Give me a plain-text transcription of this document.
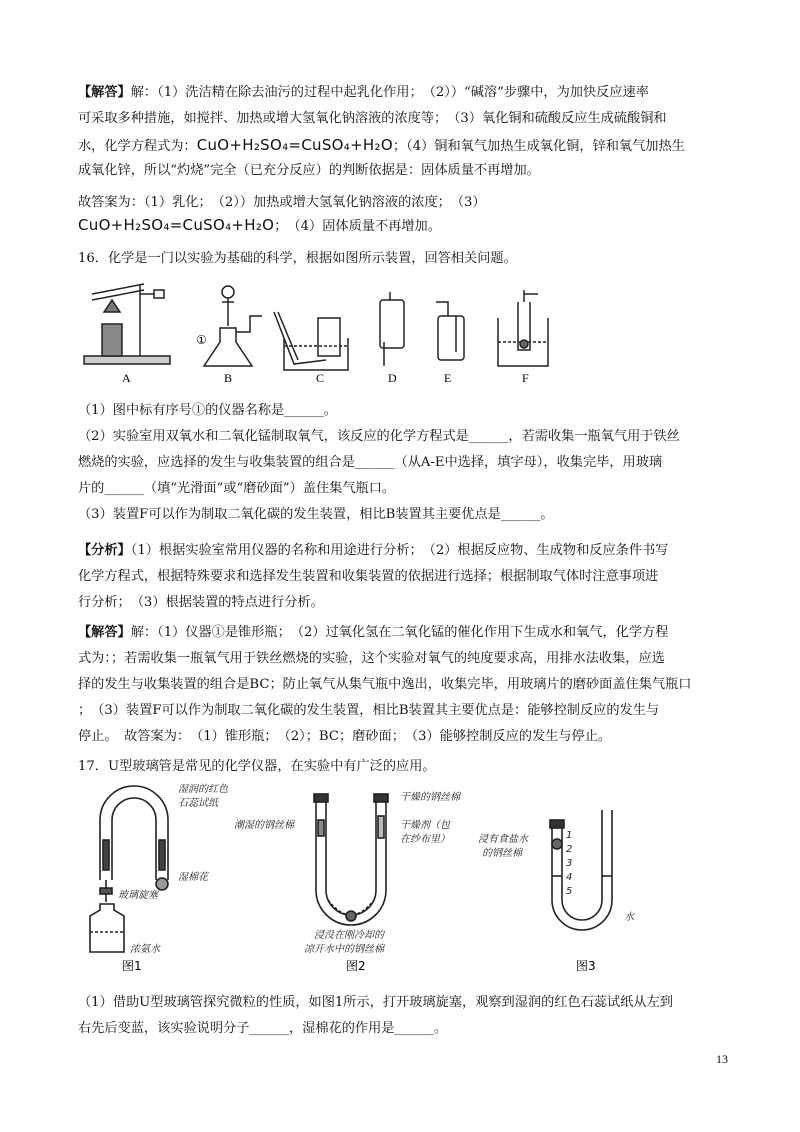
【解答】解：（1）洗洁精在除去油污的过程中起乳化作用；　（2））“碱溶”步骤中，为加快反应速率

可采取多种措施，如搅拌、加热或增大氢氧化钠溶液的浓度等；　（3）氧化铜和硫酸反应生成硫酸铜和

水，化学方程式为：CuO+H₂SO₄=CuSO₄+H₂O；（4）铜和氧气加热生成氧化铜，锌和氧气加热生

成氧化锌，所以“灼烧”完全（已充分反应）的判断依据是：固体质量不再增加。

故答案为：（1）乳化；　（2））加热或增大氢氧化钠溶液的浓度；　（3）

CuO+H₂SO₄=CuSO₄+H₂O；　（4）固体质量不再增加。

16．化学是一门以实验为基础的科学，根据如图所示装置，回答相关问题。

A
①
B	C	D	E	F

（1）图中标有序号①的仪器名称是______。

（2）实验室用双氧水和二氧化锰制取氧气，该反应的化学方程式是______，若需收集一瓶氧气用于铁丝

燃烧的实验，应选择的发生与收集装置的组合是______（从A-E中选择，填字母），收集完毕，用玻璃

片的______（填“光滑面”或“磨砂面”）盖住集气瓶口。

（3）装置F可以作为制取二氧化碳的发生装置，相比B装置其主要优点是______。

【分析】（1）根据实验室常用仪器的名称和用途进行分析；　（2）根据反应物、生成物和反应条件书写

化学方程式，根据特殊要求和选择发生装置和收集装置的依据进行选择；根据制取气体时注意事项进

行分析；　（3）根据装置的特点进行分析。

【解答】解：（1）仪器①是锥形瓶；　（2）过氧化氢在二氧化锰的催化作用下生成水和氧气，化学方程

式为：；若需收集一瓶氧气用于铁丝燃烧的实验，这个实验对氧气的纯度要求高，用排水法收集，应选

择的发生与收集装置的组合是BC；防止氧气从集气瓶中逸出，收集完毕，用玻璃片的磨砂面盖住集气瓶口

；　（3）装置F可以作为制取二氧化碳的发生装置，相比B装置其主要优点是：能够控制反应的发生与

停止。　故答案为：　（1）锥形瓶；　（2）；BC；磨砂面；　（3）能够控制反应的发生与停止。

17．U型玻璃管是常见的化学仪器，在实验中有广泛的应用。

湿润的红色
石蕊试纸
湿棉花
玻璃旋塞
浓氨水
图1
干燥的钢丝棉
潮湿的钢丝棉	干燥剂（包
在纱布里）
浸没在刚冷却的
凉开水中的钢丝棉
图2
浸有食盐水
的钢丝棉
水
1
2
3
4
5
图3

（1）借助U型玻璃管探究微粒的性质，如图1所示，打开玻璃旋塞，观察到湿润的红色石蕊试纸从左到

右先后变蓝，该实验说明分子______，湿棉花的作用是______。

13
